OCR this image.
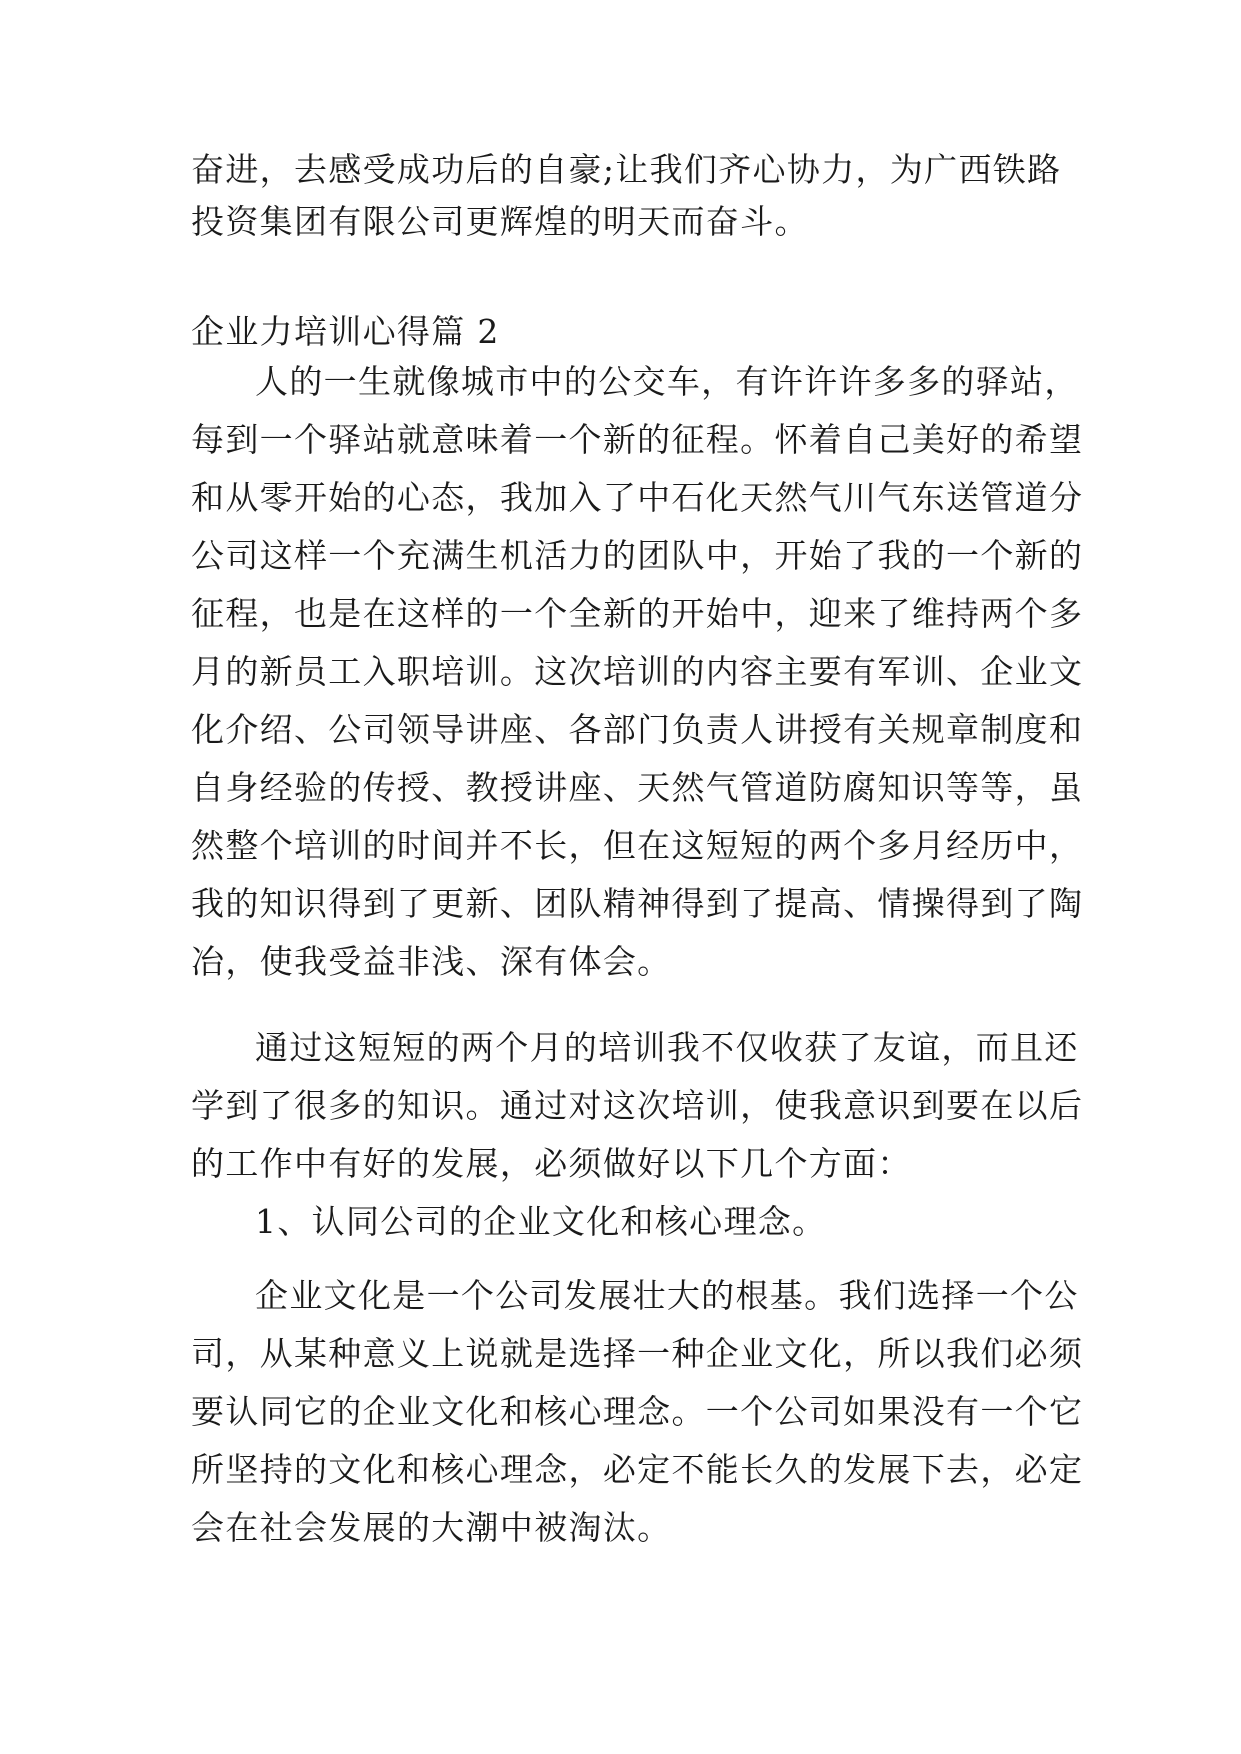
奋进，去感受成功后的自豪;让我们齐心协力，为广西铁路
投资集团有限公司更辉煌的明天而奋斗。
企业力培训心得篇 2
人的一生就像城市中的公交车，有许许许多多的驿站，
每到一个驿站就意味着一个新的征程。怀着自己美好的希望
和从零开始的心态，我加入了中石化天然气川气东送管道分
公司这样一个充满生机活力的团队中，开始了我的一个新的
征程，也是在这样的一个全新的开始中，迎来了维持两个多
月的新员工入职培训。这次培训的内容主要有军训、企业文
化介绍、公司领导讲座、各部门负责人讲授有关规章制度和
自身经验的传授、教授讲座、天然气管道防腐知识等等，虽
然整个培训的时间并不长，但在这短短的两个多月经历中，
我的知识得到了更新、团队精神得到了提高、情操得到了陶
冶，使我受益非浅、深有体会。
通过这短短的两个月的培训我不仅收获了友谊，而且还
学到了很多的知识。通过对这次培训，使我意识到要在以后
的工作中有好的发展，必须做好以下几个方面：
1、认同公司的企业文化和核心理念。
企业文化是一个公司发展壮大的根基。我们选择一个公
司，从某种意义上说就是选择一种企业文化，所以我们必须
要认同它的企业文化和核心理念。一个公司如果没有一个它
所坚持的文化和核心理念，必定不能长久的发展下去，必定
会在社会发展的大潮中被淘汰。
